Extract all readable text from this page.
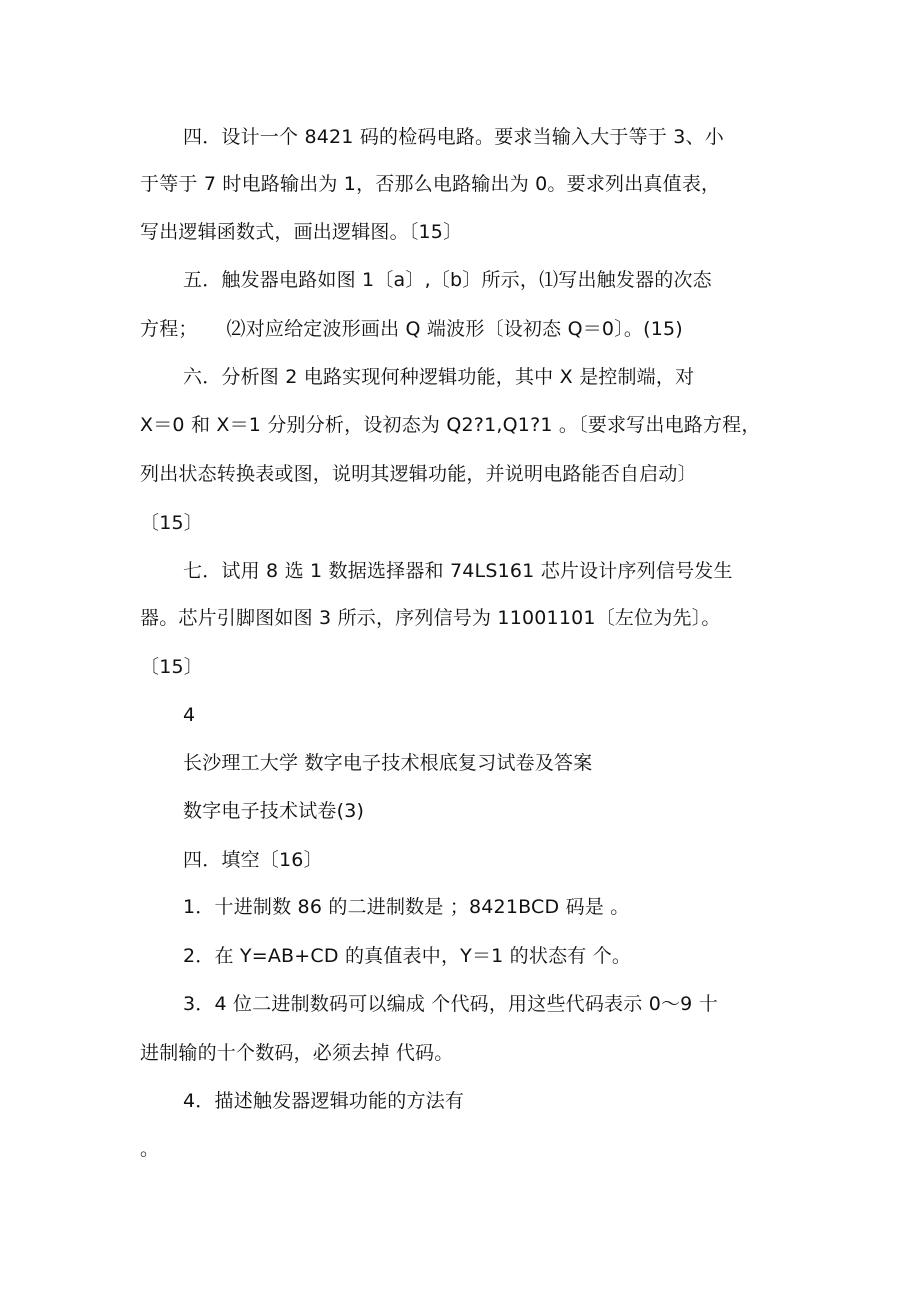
四．设计一个 8421 码的检码电路。要求当输入大于等于 3、小
于等于 7 时电路输出为 1，否那么电路输出为 0。要求列出真值表，
写出逻辑函数式，画出逻辑图。〔15〕
五．触发器电路如图 1〔a〕,〔b〕所示，⑴写出触发器的次态
方程；　　⑵对应给定波形画出 Q 端波形〔设初态 Q＝0〕。(15)
六．分析图 2 电路实现何种逻辑功能，其中 X 是控制端，对
X＝0 和 X＝1 分别分析，设初态为 Q2?1,Q1?1 。〔要求写出电路方程，
列出状态转换表或图，说明其逻辑功能，并说明电路能否自启动〕
〔15〕
七．试用 8 选 1 数据选择器和 74LS161 芯片设计序列信号发生
器。芯片引脚图如图 3 所示，序列信号为 11001101〔左位为先〕。
〔15〕
4
长沙理工大学 数字电子技术根底复习试卷及答案
数字电子技术试卷(3)
四．填空〔16〕
1．十进制数 86 的二进制数是 ；8421BCD 码是 。
2．在 Y=AB+CD 的真值表中，Y＝1 的状态有 个。
3．4 位二进制数码可以编成 个代码，用这些代码表示 0～9 十
进制输的十个数码，必须去掉 代码。
4．描述触发器逻辑功能的方法有
。
